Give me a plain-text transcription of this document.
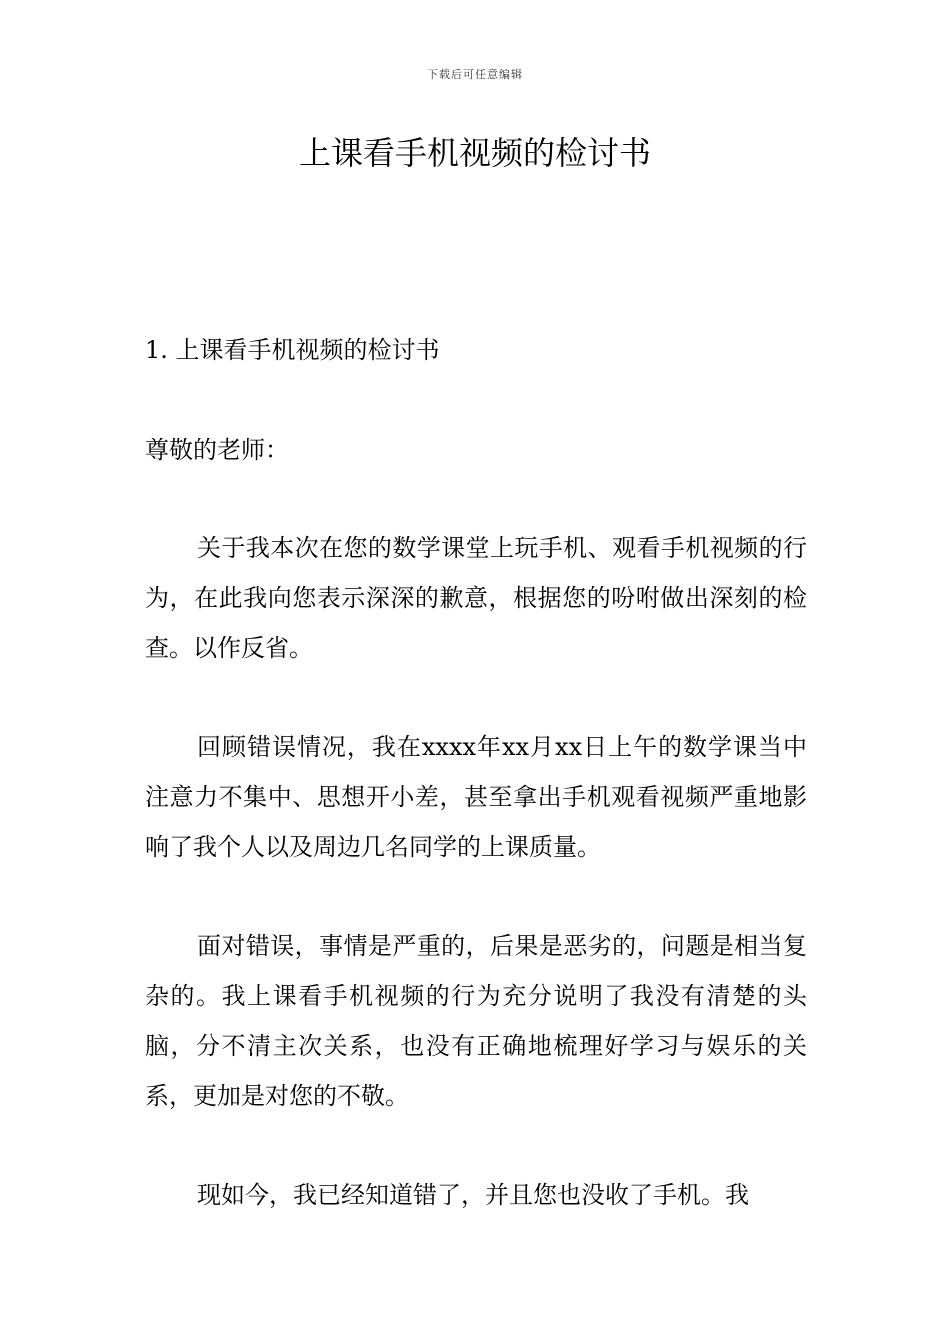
下载后可任意编辑
上课看手机视频的检讨书
1. 上课看手机视频的检讨书
尊敬的老师：

关于我本次在您的数学课堂上玩手机、观看手机视频的行为，在此我向您表示深深的歉意，根据您的吩咐做出深刻的检查。以作反省。

回顾错误情况，我在xxxx年xx月xx日上午的数学课当中注意力不集中、思想开小差，甚至拿出手机观看视频严重地影响了我个人以及周边几名同学的上课质量。

面对错误，事情是严重的，后果是恶劣的，问题是相当复杂的。我上课看手机视频的行为充分说明了我没有清楚的头脑，分不清主次关系，也没有正确地梳理好学习与娱乐的关系，更加是对您的不敬。

现如今，我已经知道错了，并且您也没收了手机。我
